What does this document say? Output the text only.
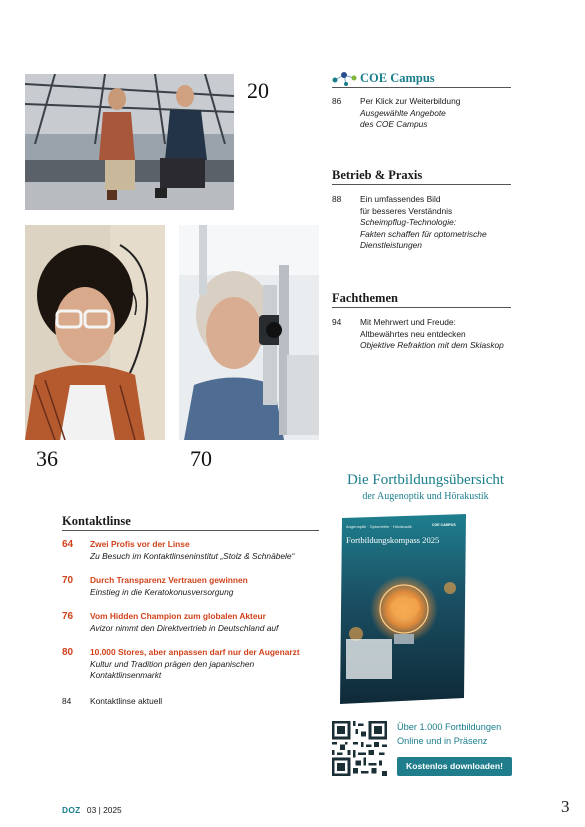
20
36	70
COE Campus
86 Per Klick zur Weiterbildung
Ausgewählte Angebote
des COE Campus
Betrieb & Praxis
88 Ein umfassendes Bild
für besseres Verständnis
Scheimpflug-Technologie:
Fakten schaffen für optometrische
Dienstleistungen
Fachthemen
94 Mit Mehrwert und Freude:
Altbewährtes neu entdecken
Objektive Refraktion mit dem Skiaskop
Kontaktlinse
64 Zwei Profis vor der Linse
Zu Besuch im Kontaktlinseninstitut „Stolz & Schnäbele“
70 Durch Transparenz Vertrauen gewinnen
Einstieg in die Keratokonusversorgung
76 Vom Hidden Champion zum globalen Akteur
Avizor nimmt den Direktvertrieb in Deutschland auf
80 10.000 Stores, aber anpassen darf nur der Augenarzt
Kultur und Tradition prägen den japanischen
Kontaktlinsenmarkt
84 Kontaktlinse aktuell
Die Fortbildungsübersicht
der Augenoptik und Hörakustik
Augenoptik · Optometrie · Hörakustik	COE CAMPUS
Fortbildungskompass 2025
Über 1.000 Fortbildungen
Online und in Präsenz
Kostenlos downloaden!
DOZ 03 | 2025	3
